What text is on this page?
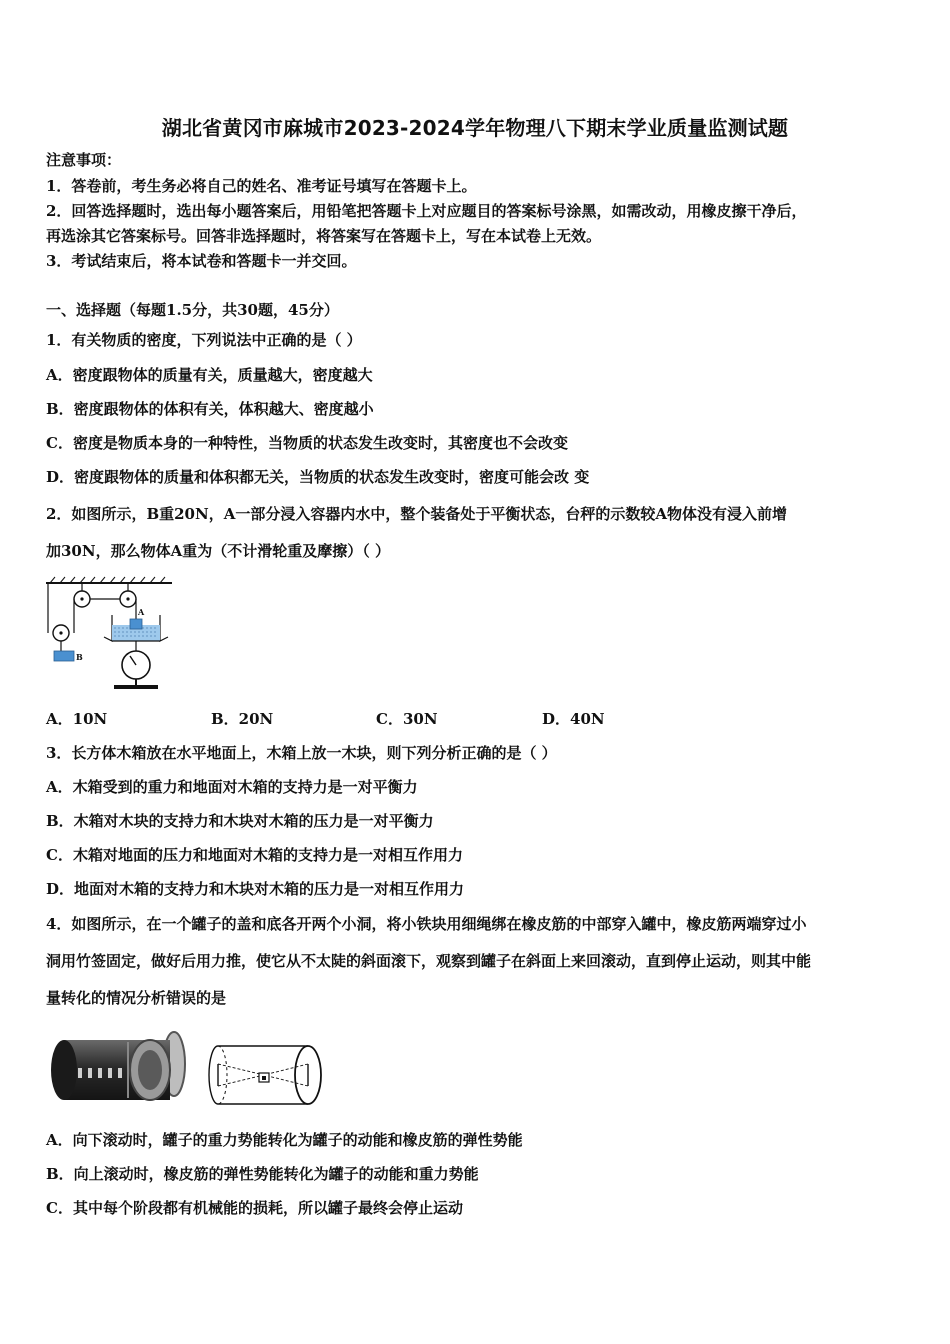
湖北省黄冈市麻城市2023-2024学年物理八下期末学业质量监测试题
注意事项：
1．答卷前，考生务必将自己的姓名、准考证号填写在答题卡上。
2．回答选择题时，选出每小题答案后，用铅笔把答题卡上对应题目的答案标号涂黑，如需改动，用橡皮擦干净后，
再选涂其它答案标号。回答非选择题时，将答案写在答题卡上，写在本试卷上无效。
3．考试结束后，将本试卷和答题卡一并交回。
一、选择题（每题1.5分，共30题，45分）
1．有关物质的密度，下列说法中正确的是（ ）
A．密度跟物体的质量有关，质量越大，密度越大
B．密度跟物体的体积有关，体积越大、密度越小
C．密度是物质本身的一种特性，当物质的状态发生改变时，其密度也不会改变
D．密度跟物体的质量和体积都无关，当物质的状态发生改变时，密度可能会改 变
2．如图所示，B重20N，A一部分浸入容器内水中，整个装备处于平衡状态，台秤的示数较A物体没有浸入前增
加30N，那么物体A重为（不计滑轮重及摩擦）（ ）
B
A
A．10N	B．20N	C．30N	D．40N
3．长方体木箱放在水平地面上，木箱上放一木块，则下列分析正确的是（ ）
A．木箱受到的重力和地面对木箱的支持力是一对平衡力
B．木箱对木块的支持力和木块对木箱的压力是一对平衡力
C．木箱对地面的压力和地面对木箱的支持力是一对相互作用力
D．地面对木箱的支持力和木块对木箱的压力是一对相互作用力
4．如图所示，在一个罐子的盖和底各开两个小洞，将小铁块用细绳绑在橡皮筋的中部穿入罐中，橡皮筋两端穿过小
洞用竹签固定，做好后用力推，使它从不太陡的斜面滚下，观察到罐子在斜面上来回滚动，直到停止运动，则其中能
量转化的情况分析错误的是
A．向下滚动时，罐子的重力势能转化为罐子的动能和橡皮筋的弹性势能
B．向上滚动时，橡皮筋的弹性势能转化为罐子的动能和重力势能
C．其中每个阶段都有机械能的损耗，所以罐子最终会停止运动
